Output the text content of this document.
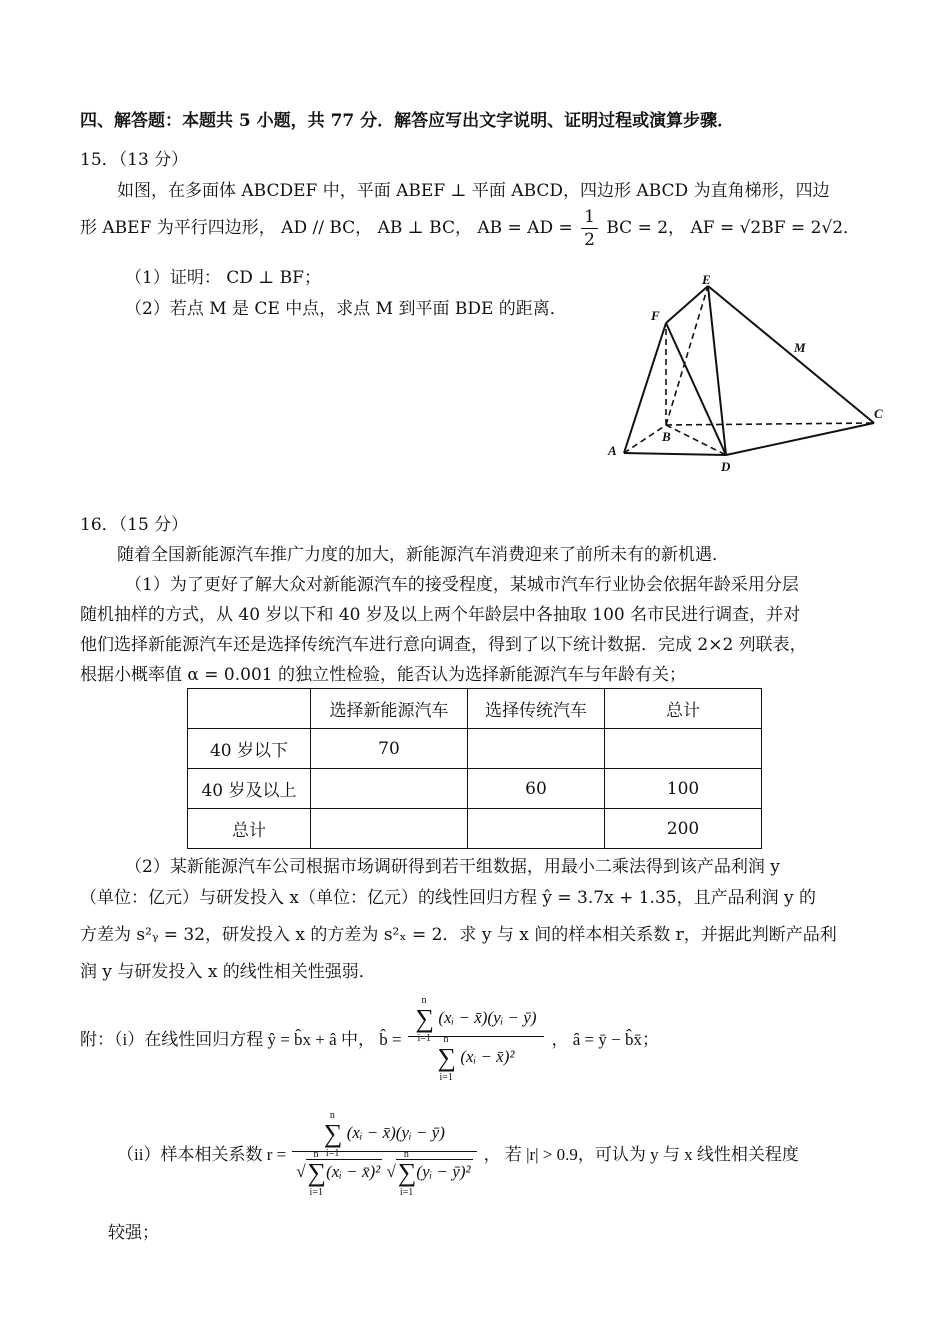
四、解答题：本题共 5 小题，共 77 分．解答应写出文字说明、证明过程或演算步骤．
15．（13 分）
如图，在多面体 ABCDEF 中，平面 ABEF ⊥ 平面 ABCD，四边形 ABCD 为直角梯形，四边
形 ABEF 为平行四边形， AD // BC， AB ⊥ BC， AB = AD = $\frac{1}{2}$ BC = 2， AF = √2BF = 2√2．
（1）证明： CD ⊥ BF；
（2）若点 M 是 CE 中点，求点 M 到平面 BDE 的距离．
A
B
C
D
E
F
M
16．（15 分）
随着全国新能源汽车推广力度的加大，新能源汽车消费迎来了前所未有的新机遇．
（1）为了更好了解大众对新能源汽车的接受程度，某城市汽车行业协会依据年龄采用分层
随机抽样的方式，从 40 岁以下和 40 岁及以上两个年龄层中各抽取 100 名市民进行调查，并对
他们选择新能源汽车还是选择传统汽车进行意向调查，得到了以下统计数据．完成 2×2 列联表，
根据小概率值 α = 0.001 的独立性检验，能否认为选择新能源汽车与年龄有关；
	选择新能源汽车	选择传统汽车	总计
40 岁以下	70		
40 岁及以上		60	100
总计			200
（2）某新能源汽车公司根据市场调研得到若干组数据，用最小二乘法得到该产品利润 y
（单位：亿元）与研发投入 x（单位：亿元）的线性回归方程 ŷ = 3.7x + 1.35，且产品利润 y 的
方差为 s²ᵧ = 32，研发投入 x 的方差为 s²ₓ = 2．求 y 与 x 间的样本相关系数 r，并据此判断产品利
润 y 与研发投入 x 的线性相关性强弱．
附：（i）在线性回归方程 ŷ = b̂x + â 中， b̂ = ∑
n
i=1
(xᵢ − x̄)(yᵢ − ȳ)
∑
n
i=1
(xᵢ − x̄)² ， â = ȳ − b̂x̄；
（ii）样本相关系数 r = ∑
n
i=1
(xᵢ − x̄)(yᵢ − ȳ)
√∑
n
i=1
(xᵢ − x̄)² √∑
n
i=1
(yᵢ − ȳ)² ， 若 |r| > 0.9，可认为 y 与 x 线性相关程度
较强；
